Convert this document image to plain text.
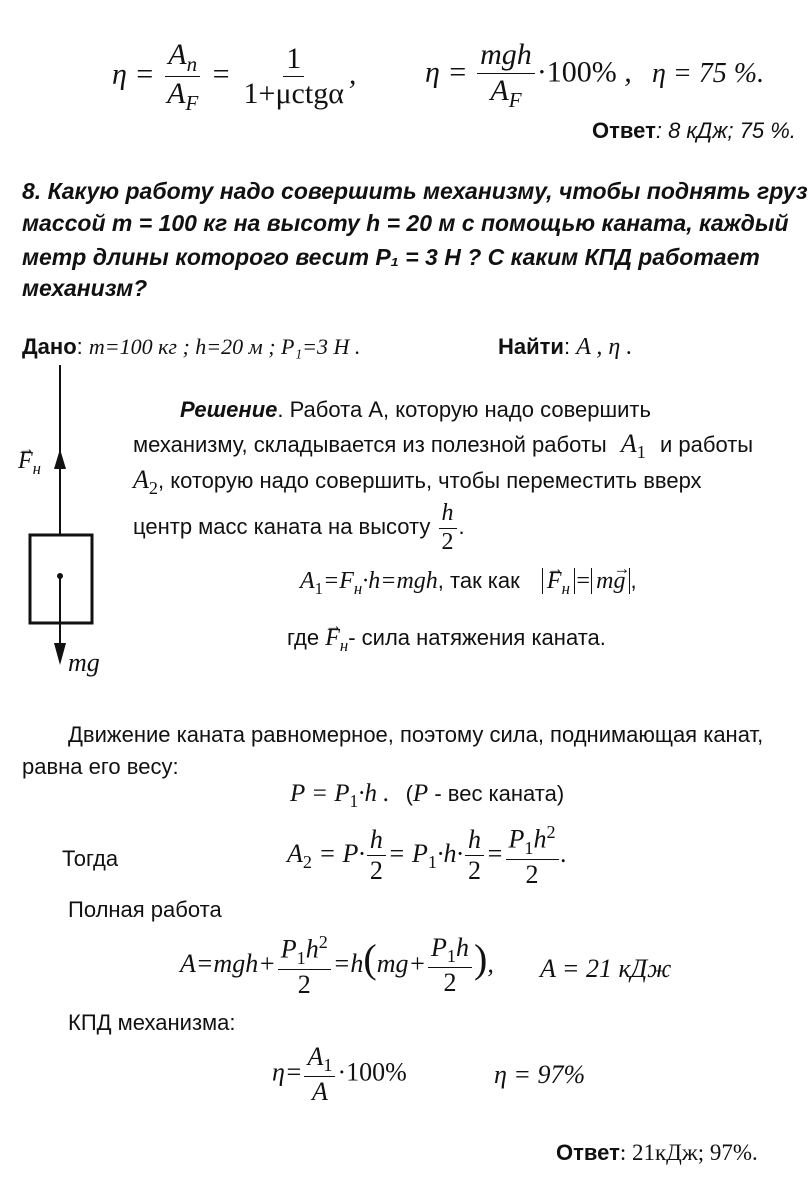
$\eta = \frac{A_n}{A_F} = \frac{1}{\text{1+μctgα}}$ , $\eta = \frac{\text{mgh}}{A_F} \cdot 100\%$ , η = 75 %.
Ответ: 8 кДж; 75 %.
8. Какую работу надо совершить механизму, чтобы поднять груз
массой m = 100 кг на высоту h = 20 м с помощью каната, каждый
метр длины которого весит P₁ = 3 Н ? С каким КПД работает
механизм?
Дано: m=100 кг ; h=20 м ; P₁=3 Н .	Найти: A , η .
→ $F_н$
mg
Решение. Работа A, которую надо совершить
механизму, складывается из полезной работы $A_1$ и работы
$A_2$, которую надо совершить, чтобы переместить вверх
центр масс каната на высоту $\frac{h}{2}$ .
$A_1=F_н\cdot h=mgh$, так как → $F_н = m\to g$ ,
где → $F_н-$ сила натяжения каната.
Движение каната равномерное, поэтому сила, поднимающая канат,
равна его весу:
$P = P_1\cdot h$ . (P - вес каната)
Тогда	$A_2 = P\cdot \frac{h}{2} = P_1\cdot h\cdot \frac{h}{2} = \frac{P_1h^2}{2}$ .
Полная работа
$A=mgh+ \frac{P_1h^2}{2} =h(mg+ \frac{P_1h}{2}$ ), A = 21 кДж
КПД механизма:
$\eta= \frac{A_1}{A} \cdot 100\%$	η = 97%
Ответ: 21кДж; 97%.
